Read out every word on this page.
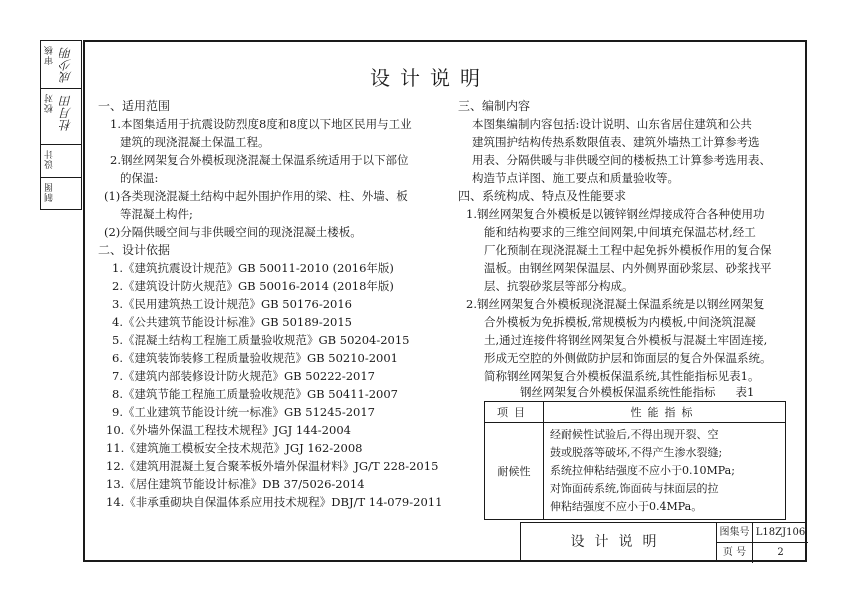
审核 成少明
校对 杜月田
设计
制图
设计说明
一、适用范围
1.本图集适用于抗震设防烈度8度和8度以下地区民用与工业
建筑的现浇混凝土保温工程。
2.钢丝网架复合外模板现浇混凝土保温系统适用于以下部位
的保温:
(1)各类现浇混凝土结构中起外围护作用的梁、柱、外墙、板
等混凝土构件;
(2)分隔供暖空间与非供暖空间的现浇混凝土楼板。
二、设计依据
1.《建筑抗震设计规范》GB 50011-2010 (2016年版)
2.《建筑设计防火规范》GB 50016-2014 (2018年版)
3.《民用建筑热工设计规范》GB 50176-2016
4.《公共建筑节能设计标准》GB 50189-2015
5.《混凝土结构工程施工质量验收规范》GB 50204-2015
6.《建筑装饰装修工程质量验收规范》GB 50210-2001
7.《建筑内部装修设计防火规范》GB 50222-2017
8.《建筑节能工程施工质量验收规范》GB 50411-2007
9.《工业建筑节能设计统一标准》GB 51245-2017
10.《外墙外保温工程技术规程》JGJ 144-2004
11.《建筑施工模板安全技术规范》JGJ 162-2008
12.《建筑用混凝土复合聚苯板外墙外保温材料》JG/T 228-2015
13.《居住建筑节能设计标准》DB 37/5026-2014
14.《非承重砌块自保温体系应用技术规程》DBJ/T 14-079-2011
三、编制内容
本图集编制内容包括:设计说明、山东省居住建筑和公共
建筑围护结构传热系数限值表、建筑外墙热工计算参考选
用表、分隔供暖与非供暖空间的楼板热工计算参考选用表、
构造节点详图、施工要点和质量验收等。
四、系统构成、特点及性能要求
1.钢丝网架复合外模板是以镀锌钢丝焊接成符合各种使用功
能和结构要求的三维空间网架,中间填充保温芯材,经工
厂化预制在现浇混凝土工程中起免拆外模板作用的复合保
温板。由钢丝网架保温层、内外侧界面砂浆层、砂浆找平
层、抗裂砂浆层等部分构成。
2.钢丝网架复合外模板现浇混凝土保温系统是以钢丝网架复
合外模板为免拆模板,常规模板为内模板,中间浇筑混凝
土,通过连接件将钢丝网架复合外模板与混凝土牢固连接,
形成无空腔的外侧做防护层和饰面层的复合外保温系统。
简称钢丝网架复合外模板保温系统,其性能指标见表1。
钢丝网架复合外模板保温系统性能指标 表1
项目	性能指标
耐候性	经耐候性试验后,不得出现开裂、空
鼓或脱落等破坏,不得产生渗水裂缝;
系统拉伸粘结强度不应小于0.10MPa;
对饰面砖系统,饰面砖与抹面层的拉
伸粘结强度不应小于0.4MPa。
设计说明
图集号 L18ZJ106
页 号	2
